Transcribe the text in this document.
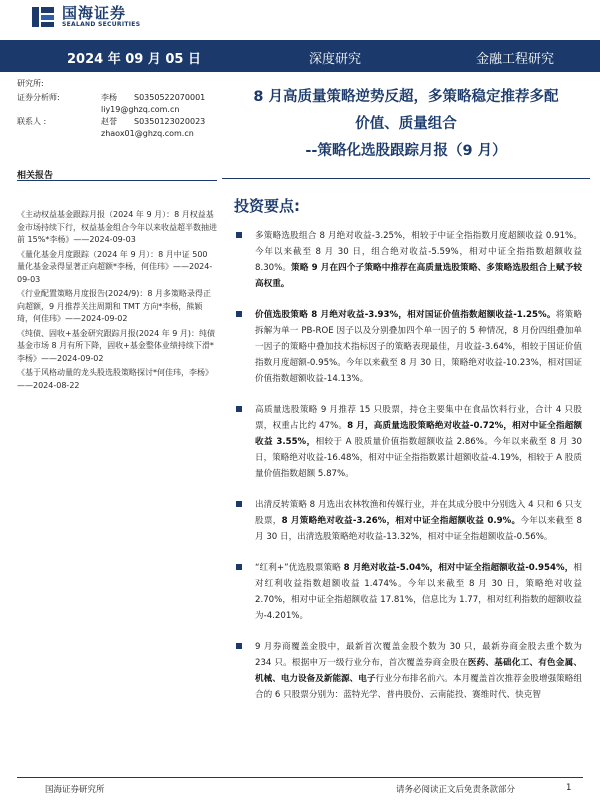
国海证券
SEALAND SECURITIES
2024 年 09 月 05 日	深度研究	金融工程研究
研究所:
证券分析师:	李杨 S0350522070001
liy19@ghzq.com.cn
联系人 :	赵誉 S0350123020023
zhaox01@ghzq.com.cn
相关报告
《主动权益基金跟踪月报（2024 年 9 月）：8 月权益基金市场持续下行，权益基金组合今年以来收益超半数抽进前 15%*李杨》——2024-09-03
《量化基金月度跟踪（2024 年 9 月）：8 月中证 500 量化基金录得显著正向超额*李杨，何佳玮》——2024-09-03
《行业配置策略月度报告(2024/9)：8 月多策略录得正向超额，9 月推荐关注周期和 TMT 方向*李杨，熊颖琦，何佳玮》——2024-09-02
《纯债、固收+基金研究跟踪月报(2024 年 9 月)：纯债基金市场 8 月有所下降，固收+基金整体业绩持续下滑*李杨》——2024-09-02
《基于风格动量的龙头股选股策略探讨*何佳玮，李杨》——2024-08-22
8 月高质量策略逆势反超，多策略稳定推荐多配
价值、质量组合
--策略化选股跟踪月报（9 月）
投资要点:
多策略选股组合 8 月绝对收益-3.25%，相较于中证全指指数月度超额收益 0.91%。今年以来截至 8 月 30 日，组合绝对收益-5.59%，相对中证全指指数超额收益 8.30%。策略 9 月在四个子策略中推荐在高质量选股策略、多策略选股组合上赋予较高权重。
价值选股策略 8 月绝对收益-3.93%，相对国证价值指数超额收益-1.25%。将策略拆解为单一 PB-ROE 因子以及分别叠加四个单一因子的 5 种情况，8 月份四组叠加单一因子的策略中叠加技术指标因子的策略表现最佳，月收益-3.64%，相较于国证价值指数月度超额-0.95%。今年以来截至 8 月 30 日，策略绝对收益-10.23%，相对国证价值指数超额收益-14.13%。
高质量选股策略 9 月推荐 15 只股票，持仓主要集中在食品饮料行业，合计 4 只股票，权重占比约 47%。8 月，高质量选股策略绝对收益-0.72%，相对中证全指超额收益 3.55%，相较于 A 股质量价值指数超额收益 2.86%。今年以来截至 8 月 30 日，策略绝对收益-16.48%，相对中证全指指数累计超额收益-4.19%，相较于 A 股质量价值指数超额 5.87%。
出清反转策略 8 月选出农林牧渔和传媒行业，并在其成分股中分别选入 4 只和 6 只支股票，8 月策略绝对收益-3.26%，相对中证全指超额收益 0.9%。今年以来截至 8 月 30 日，出清选股策略绝对收益-13.32%，相对中证全指超额收益-0.56%。
“红利+”优选股票策略 8 月绝对收益-5.04%，相对中证全指超额收益-0.954%，相对红利收益指数超额收益 1.474%。今年以来截至 8 月 30 日，策略绝对收益 2.70%，相对中证全指超额收益 17.81%，信息比为 1.77，相对红利指数的超额收益为-4.201%。
9 月券商覆盖金股中，最新首次覆盖金股个数为 30 只，最新券商金股去重个数为 234 只。根据申万一级行业分布，首次覆盖券商金股在医药、基础化工、有色金属、机械、电力设备及新能源、电子行业分布排名前六。本月覆盖首次推荐金股增强策略组合的 6 只股票分别为：蓝特光学、普冉股份、云南能投、赛维时代、快克智
国海证券研究所	请务必阅读正文后免责条款部分	1
